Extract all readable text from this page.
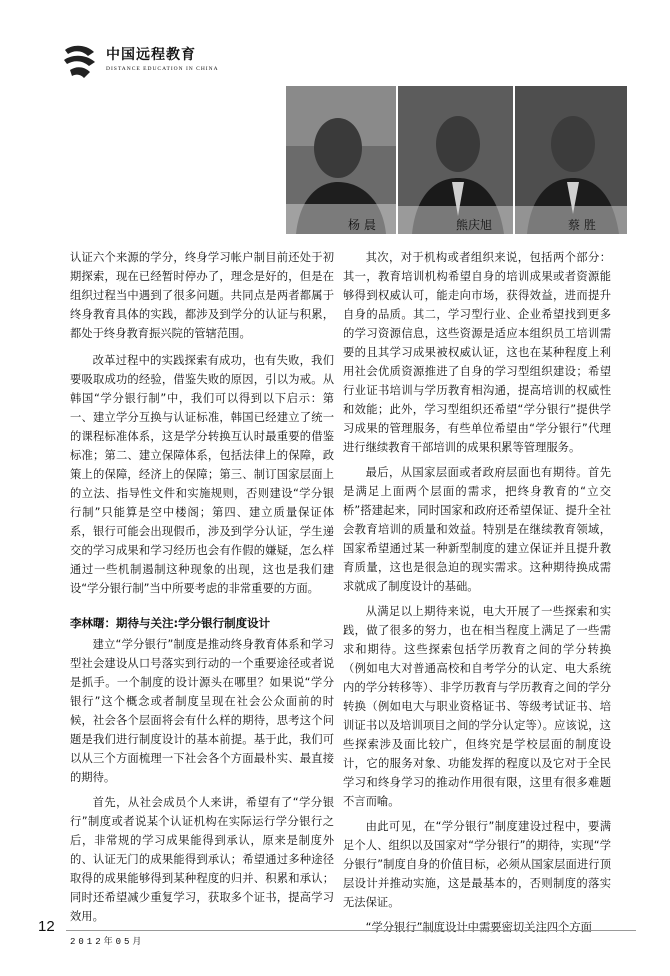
中国远程教育
DISTANCE EDUCATION IN CHINA
杨 晨	熊庆旭	蔡 胜

认证六个来源的学分，终身学习帐户制目前还处于初期探索，现在已经暂时停办了，理念是好的，但是在组织过程当中遇到了很多问题。共同点是两者都属于终身教育具体的实践，都涉及到学分的认证与积累，都处于终身教育振兴院的管辖范围。

改革过程中的实践探索有成功，也有失败，我们要吸取成功的经验，借鉴失败的原因，引以为戒。从韩国“学分银行制”中，我们可以得到以下启示：第一、建立学分互换与认证标准，韩国已经建立了统一的课程标准体系，这是学分转换互认时最重要的借鉴标准；第二、建立保障体系，包括法律上的保障，政策上的保障，经济上的保障；第三、制订国家层面上的立法、指导性文件和实施规则，否则建设“学分银行制”只能算是空中楼阁；第四、建立质量保证体系，银行可能会出现假币，涉及到学分认证，学生递交的学习成果和学习经历也会有作假的嫌疑，怎么样通过一些机制遏制这种现象的出现，这也是我们建设“学分银行制”当中所要考虑的非常重要的方面。

李林曙：期待与关注:学分银行制度设计

建立“学分银行”制度是推动终身教育体系和学习型社会建设从口号落实到行动的一个重要途径或者说是抓手。一个制度的设计源头在哪里？如果说“学分银行”这个概念或者制度呈现在社会公众面前的时候，社会各个层面将会有什么样的期待，思考这个问题是我们进行制度设计的基本前提。基于此，我们可以从三个方面梳理一下社会各个方面最朴实、最直接的期待。

首先，从社会成员个人来讲，希望有了“学分银行”制度或者说某个认证机构在实际运行学分银行之后，非常规的学习成果能得到承认，原来是制度外的、认证无门的成果能得到承认；希望通过多种途径取得的成果能够得到某种程度的归并、积累和承认；同时还希望减少重复学习，获取多个证书，提高学习效用。

其次，对于机构或者组织来说，包括两个部分：其一，教育培训机构希望自身的培训成果或者资源能够得到权威认可，能走向市场，获得效益，进而提升自身的品质。其二，学习型行业、企业希望找到更多的学习资源信息，这些资源是适应本组织员工培训需要的且其学习成果被权威认证，这也在某种程度上利用社会优质资源推进了自身的学习型组织建设；希望行业证书培训与学历教育相沟通，提高培训的权威性和效能；此外，学习型组织还希望“学分银行”提供学习成果的管理服务，有些单位希望由“学分银行”代理进行继续教育干部培训的成果积累等管理服务。

最后，从国家层面或者政府层面也有期待。首先是满足上面两个层面的需求，把终身教育的“立交桥”搭建起来，同时国家和政府还希望保证、提升全社会教育培训的质量和效益。特别是在继续教育领域，国家希望通过某一种新型制度的建立保证并且提升教育质量，这也是很急迫的现实需求。这种期待换成需求就成了制度设计的基础。

从满足以上期待来说，电大开展了一些探索和实践，做了很多的努力，也在相当程度上满足了一些需求和期待。这些探索包括学历教育之间的学分转换（例如电大对普通高校和自考学分的认定、电大系统内的学分转移等）、非学历教育与学历教育之间的学分转换（例如电大与职业资格证书、等级考试证书、培训证书以及培训项目之间的学分认定等）。应该说，这些探索涉及面比较广，但终究是学校层面的制度设计，它的服务对象、功能发挥的程度以及它对于全民学习和终身学习的推动作用很有限，这里有很多难题不言而喻。

由此可见，在“学分银行”制度建设过程中，要满足个人、组织以及国家对“学分银行”的期待，实现“学分银行”制度自身的价值目标，必须从国家层面进行顶层设计并推动实施，这是最基本的，否则制度的落实无法保证。

“学分银行”制度设计中需要密切关注四个方面

12
2012年05月
